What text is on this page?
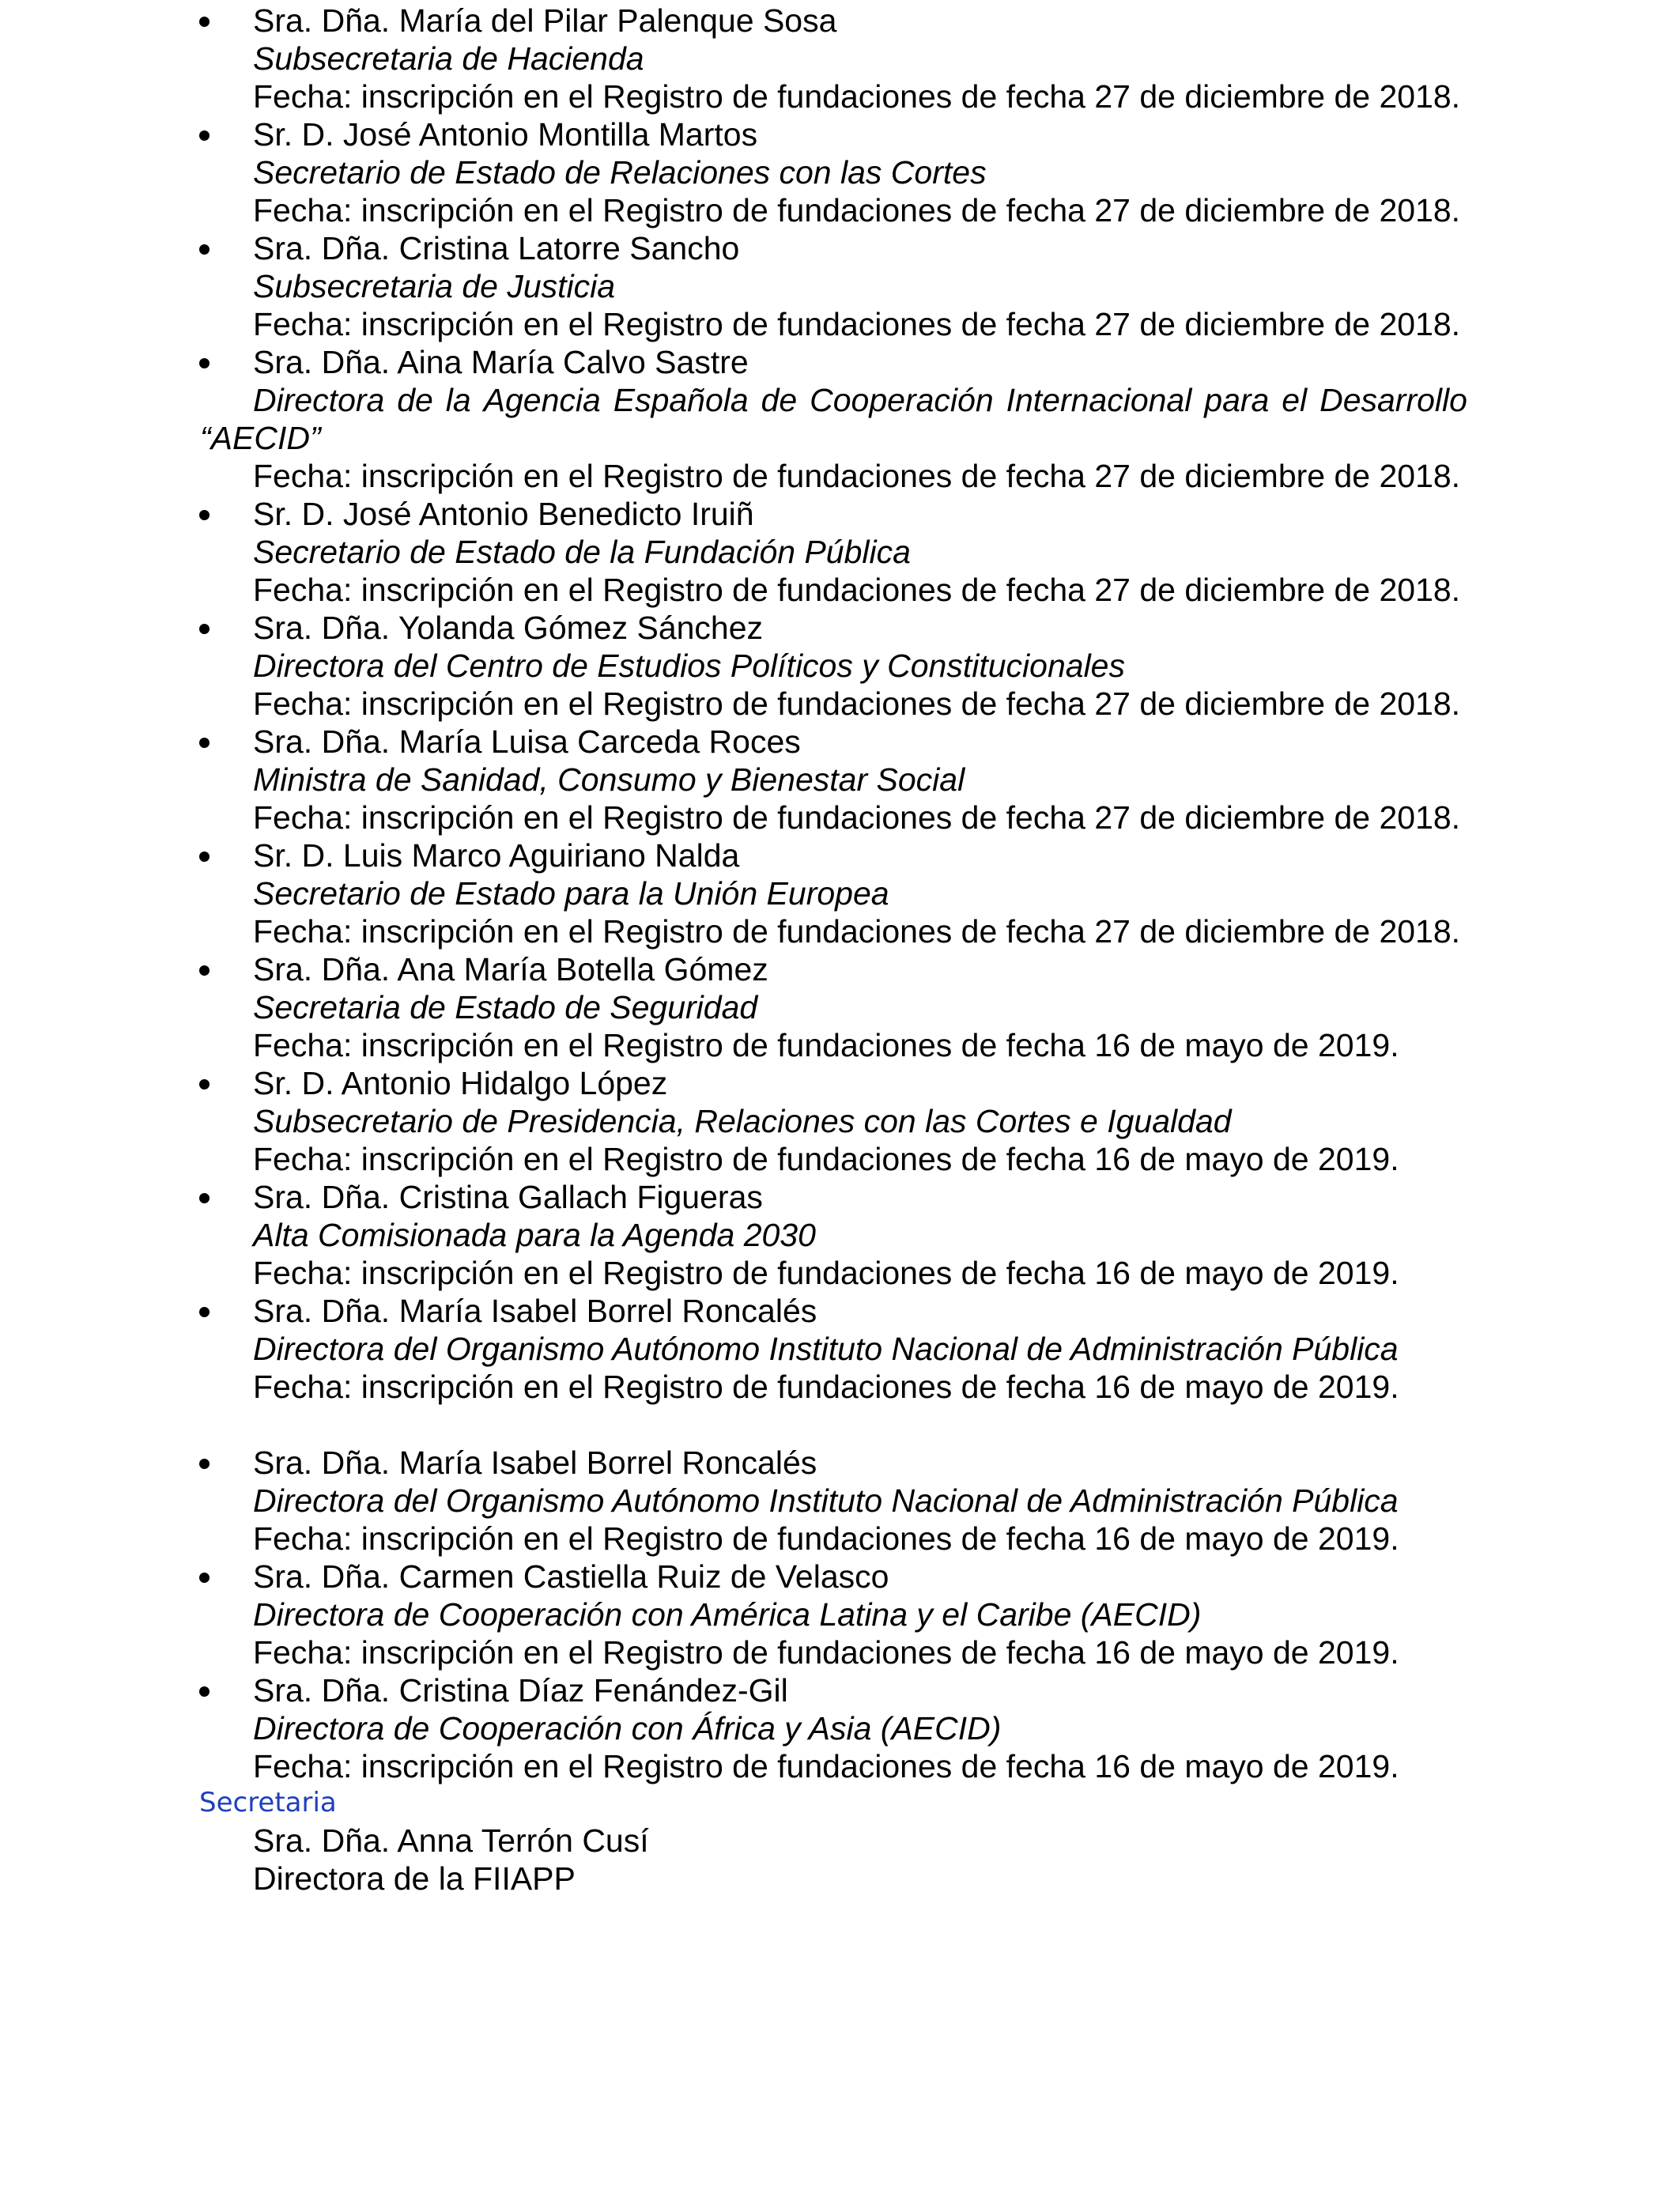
Sra. Dña. María del Pilar Palenque Sosa
Subsecretaria de Hacienda
Fecha: inscripción en el Registro de fundaciones de fecha 27 de diciembre de 2018.
Sr. D. José Antonio Montilla Martos
Secretario de Estado de Relaciones con las Cortes
Fecha: inscripción en el Registro de fundaciones de fecha 27 de diciembre de 2018.
Sra. Dña. Cristina Latorre Sancho
Subsecretaria de Justicia
Fecha: inscripción en el Registro de fundaciones de fecha 27 de diciembre de 2018.
Sra. Dña. Aina María Calvo Sastre
Directora de la Agencia Española de Cooperación Internacional para el Desarrollo
“AECID”
Fecha: inscripción en el Registro de fundaciones de fecha 27 de diciembre de 2018.
Sr. D. José Antonio Benedicto Iruiñ
Secretario de Estado de la Fundación Pública
Fecha: inscripción en el Registro de fundaciones de fecha 27 de diciembre de 2018.
Sra. Dña. Yolanda Gómez Sánchez
Directora del Centro de Estudios Políticos y Constitucionales
Fecha: inscripción en el Registro de fundaciones de fecha 27 de diciembre de 2018.
Sra. Dña. María Luisa Carceda Roces
Ministra de Sanidad, Consumo y Bienestar Social
Fecha: inscripción en el Registro de fundaciones de fecha 27 de diciembre de 2018.
Sr. D. Luis Marco Aguiriano Nalda
Secretario de Estado para la Unión Europea
Fecha: inscripción en el Registro de fundaciones de fecha 27 de diciembre de 2018.
Sra. Dña. Ana María Botella Gómez
Secretaria de Estado de Seguridad
Fecha: inscripción en el Registro de fundaciones de fecha 16 de mayo de 2019.
Sr. D. Antonio Hidalgo López
Subsecretario de Presidencia, Relaciones con las Cortes e Igualdad
Fecha: inscripción en el Registro de fundaciones de fecha 16 de mayo de 2019.
Sra. Dña. Cristina Gallach Figueras
Alta Comisionada para la Agenda 2030
Fecha: inscripción en el Registro de fundaciones de fecha 16 de mayo de 2019.
Sra. Dña. María Isabel Borrel Roncalés
Directora del Organismo Autónomo Instituto Nacional de Administración Pública
Fecha: inscripción en el Registro de fundaciones de fecha 16 de mayo de 2019.
Sra. Dña. María Isabel Borrel Roncalés
Directora del Organismo Autónomo Instituto Nacional de Administración Pública
Fecha: inscripción en el Registro de fundaciones de fecha 16 de mayo de 2019.
Sra. Dña. Carmen Castiella Ruiz de Velasco
Directora de Cooperación con América Latina y el Caribe (AECID)
Fecha: inscripción en el Registro de fundaciones de fecha 16 de mayo de 2019.
Sra. Dña. Cristina Díaz Fenández-Gil
Directora de Cooperación con África y Asia (AECID)
Fecha: inscripción en el Registro de fundaciones de fecha 16 de mayo de 2019.
Secretaria
Sra. Dña. Anna Terrón Cusí
Directora de la FIIAPP
